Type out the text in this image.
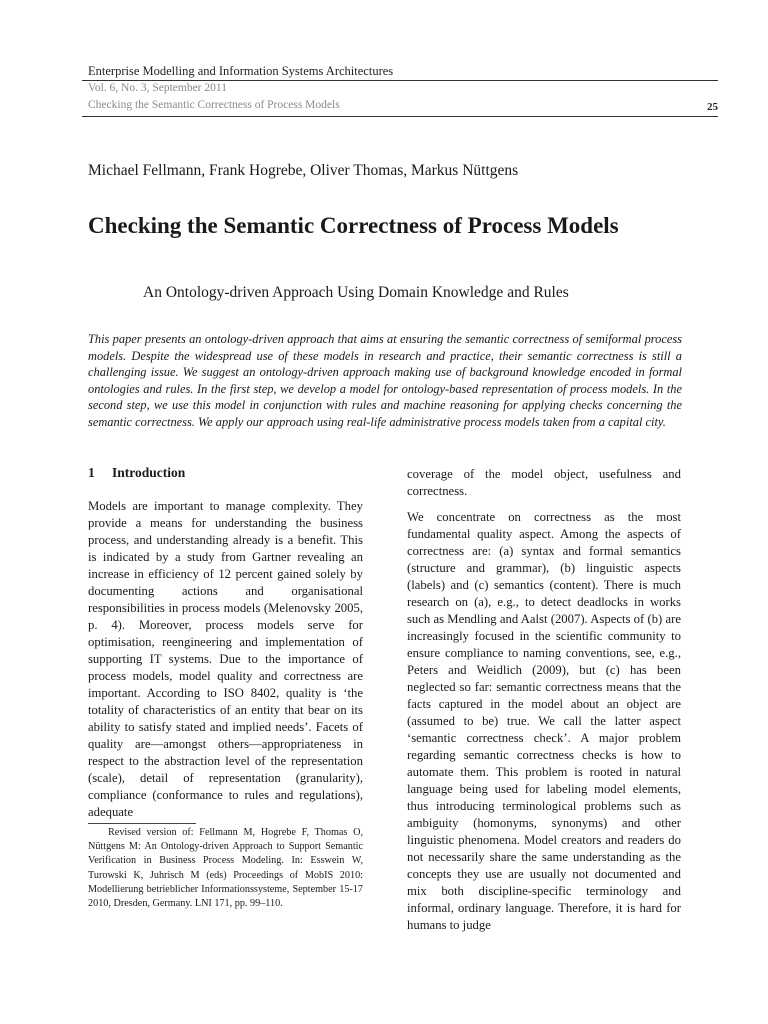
Enterprise Modelling and Information Systems Architectures
Vol. 6, No. 3, September 2011
Checking the Semantic Correctness of Process Models	25
Michael Fellmann, Frank Hogrebe, Oliver Thomas, Markus Nüttgens
Checking the Semantic Correctness of Process Models
An Ontology-driven Approach Using Domain Knowledge and Rules
This paper presents an ontology-driven approach that aims at ensuring the semantic correctness of semiformal process models. Despite the widespread use of these models in research and practice, their semantic correctness is still a challenging issue. We suggest an ontology-driven approach making use of background knowledge encoded in formal ontologies and rules. In the first step, we develop a model for ontology-based representation of process models. In the second step, we use this model in conjunction with rules and machine reasoning for applying checks concerning the semantic correctness. We apply our approach using real-life administrative process models taken from a capital city.
1 Introduction

Models are important to manage complexity. They provide a means for understanding the business process, and understanding already is a benefit. This is indicated by a study from Gartner revealing an increase in efficiency of 12 percent gained solely by documenting actions and organisational responsibilities in process models (Melenovsky 2005, p. 4). Moreover, process models serve for optimisation, reengineering and implementation of supporting IT systems. Due to the importance of process models, model quality and correctness are important. According to ISO 8402, quality is ‘the totality of characteristics of an entity that bear on its ability to satisfy stated and implied needs’. Facets of quality are—amongst others—appropriateness in respect to the abstraction level of the representation (scale), detail of representation (granularity), compliance (conformance to rules and regulations), adequate

Revised version of: Fellmann M, Hogrebe F, Thomas O, Nüttgens M: An Ontology-driven Approach to Support Semantic Verification in Business Process Modeling. In: Esswein W, Turowski K, Juhrisch M (eds) Proceedings of MobIS 2010: Modellierung betrieblicher Informationssysteme, September 15-17 2010, Dresden, Germany. LNI 171, pp. 99–110.

coverage of the model object, usefulness and correctness.

We concentrate on correctness as the most fundamental quality aspect. Among the aspects of correctness are: (a) syntax and formal semantics (structure and grammar), (b) linguistic aspects (labels) and (c) semantics (content). There is much research on (a), e.g., to detect deadlocks in works such as Mendling and Aalst (2007). Aspects of (b) are increasingly focused in the scientific community to ensure compliance to naming conventions, see, e.g., Peters and Weidlich (2009), but (c) has been neglected so far: semantic correctness means that the facts captured in the model about an object are (assumed to be) true. We call the latter aspect ‘semantic correctness check’. A major problem regarding semantic correctness checks is how to automate them. This problem is rooted in natural language being used for labeling model elements, thus introducing terminological problems such as ambiguity (homonyms, synonyms) and other linguistic phenomena. Model creators and readers do not necessarily share the same understanding as the concepts they use are usually not documented and mix both discipline-specific terminology and informal, ordinary language. Therefore, it is hard for humans to judge
